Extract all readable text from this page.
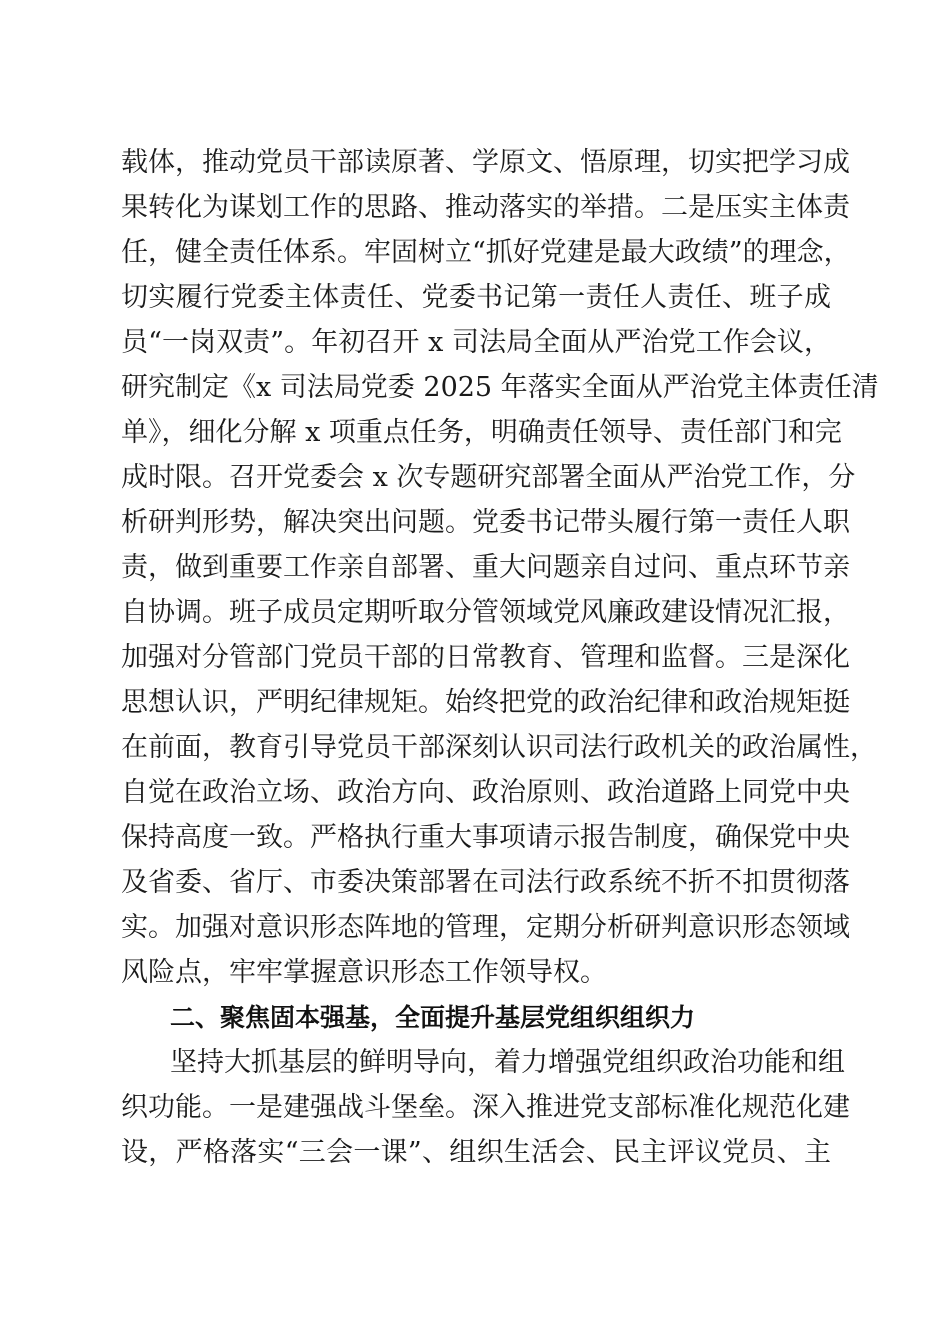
载体，推动党员干部读原著、学原文、悟原理，切实把学习成
果转化为谋划工作的思路、推动落实的举措。二是压实主体责
任，健全责任体系。牢固树立“抓好党建是最大政绩”的理念，
切实履行党委主体责任、党委书记第一责任人责任、班子成
员“一岗双责”。年初召开 x 司法局全面从严治党工作会议，
研究制定《x 司法局党委 2025 年落实全面从严治党主体责任清
单》，细化分解 x 项重点任务，明确责任领导、责任部门和完
成时限。召开党委会 x 次专题研究部署全面从严治党工作，分
析研判形势，解决突出问题。党委书记带头履行第一责任人职
责，做到重要工作亲自部署、重大问题亲自过问、重点环节亲
自协调。班子成员定期听取分管领域党风廉政建设情况汇报，
加强对分管部门党员干部的日常教育、管理和监督。三是深化
思想认识，严明纪律规矩。始终把党的政治纪律和政治规矩挺
在前面，教育引导党员干部深刻认识司法行政机关的政治属性，
自觉在政治立场、政治方向、政治原则、政治道路上同党中央
保持高度一致。严格执行重大事项请示报告制度，确保党中央
及省委、省厅、市委决策部署在司法行政系统不折不扣贯彻落
实。加强对意识形态阵地的管理，定期分析研判意识形态领域
风险点，牢牢掌握意识形态工作领导权。
二、聚焦固本强基，全面提升基层党组织组织力
坚持大抓基层的鲜明导向，着力增强党组织政治功能和组
织功能。一是建强战斗堡垒。深入推进党支部标准化规范化建
设，严格落实“三会一课”、组织生活会、民主评议党员、主
